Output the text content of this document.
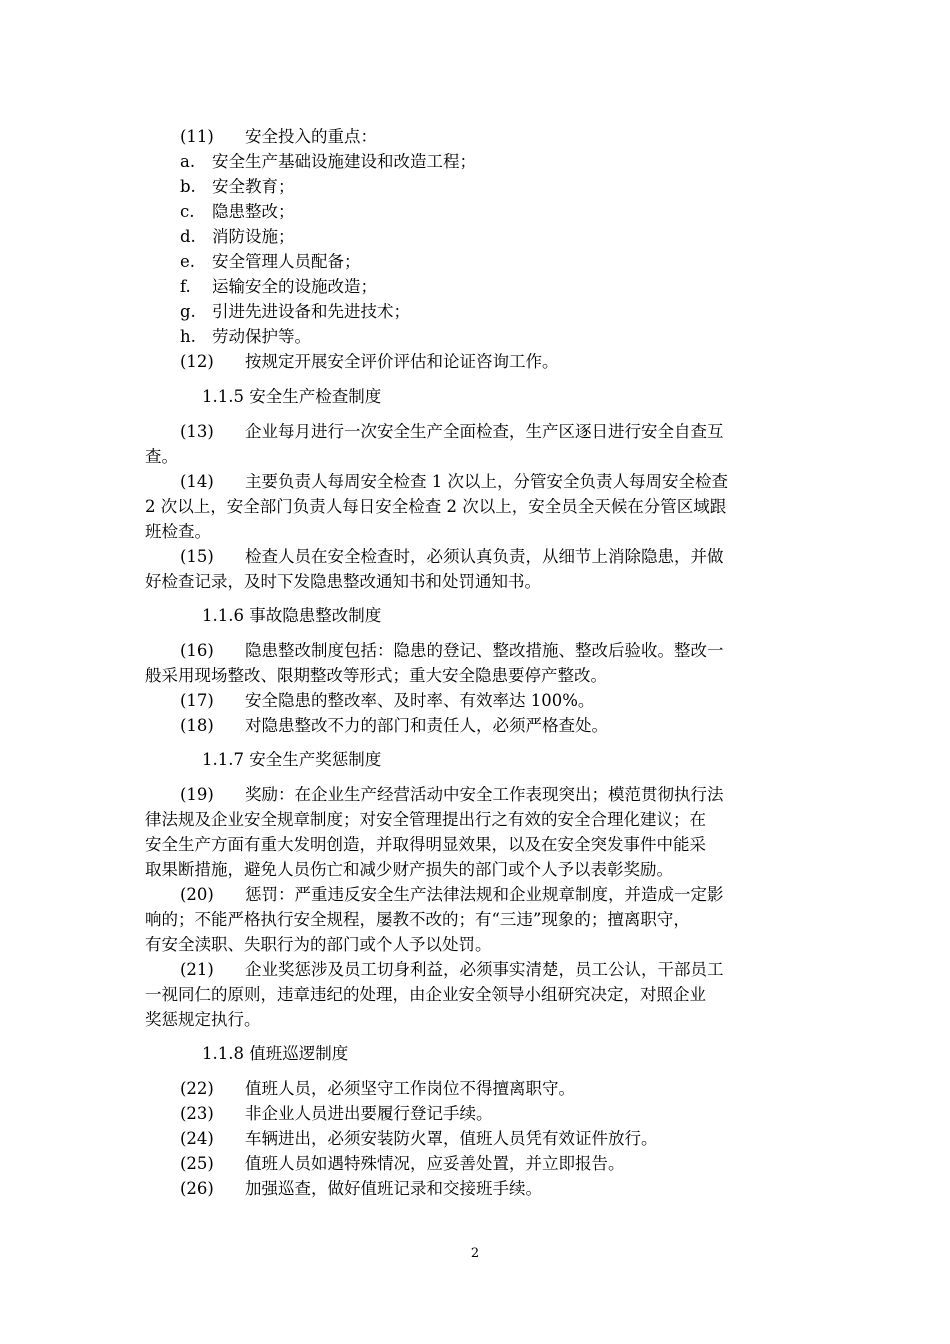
(11) 安全投入的重点：
a. 安全生产基础设施建设和改造工程；
b. 安全教育；
c. 隐患整改；
d. 消防设施；
e. 安全管理人员配备；
f. 运输安全的设施改造；
g. 引进先进设备和先进技术；
h. 劳动保护等。
(12) 按规定开展安全评价评估和论证咨询工作。
1.1.5 安全生产检查制度
(13) 企业每月进行一次安全生产全面检查，生产区逐日进行安全自查互
查。
(14) 主要负责人每周安全检查 1 次以上，分管安全负责人每周安全检查
2 次以上，安全部门负责人每日安全检查 2 次以上，安全员全天候在分管区域跟
班检查。
(15) 检查人员在安全检查时，必须认真负责，从细节上消除隐患，并做
好检查记录，及时下发隐患整改通知书和处罚通知书。
1.1.6 事故隐患整改制度
(16) 隐患整改制度包括：隐患的登记、整改措施、整改后验收。整改一
般采用现场整改、限期整改等形式；重大安全隐患要停产整改。
(17) 安全隐患的整改率、及时率、有效率达 100%。
(18) 对隐患整改不力的部门和责任人，必须严格查处。
1.1.7 安全生产奖惩制度
(19) 奖励：在企业生产经营活动中安全工作表现突出；模范贯彻执行法
律法规及企业安全规章制度；对安全管理提出行之有效的安全合理化建议；在
安全生产方面有重大发明创造，并取得明显效果，以及在安全突发事件中能采
取果断措施，避免人员伤亡和减少财产损失的部门或个人予以表彰奖励。
(20) 惩罚：严重违反安全生产法律法规和企业规章制度，并造成一定影
响的；不能严格执行安全规程，屡教不改的；有“三违”现象的；擅离职守，
有安全渎职、失职行为的部门或个人予以处罚。
(21) 企业奖惩涉及员工切身利益，必须事实清楚，员工公认，干部员工
一视同仁的原则，违章违纪的处理，由企业安全领导小组研究决定，对照企业
奖惩规定执行。
1.1.8 值班巡逻制度
(22) 值班人员，必须坚守工作岗位不得擅离职守。
(23) 非企业人员进出要履行登记手续。
(24) 车辆进出，必须安装防火罩，值班人员凭有效证件放行。
(25) 值班人员如遇特殊情况，应妥善处置，并立即报告。
(26) 加强巡查，做好值班记录和交接班手续。
2
